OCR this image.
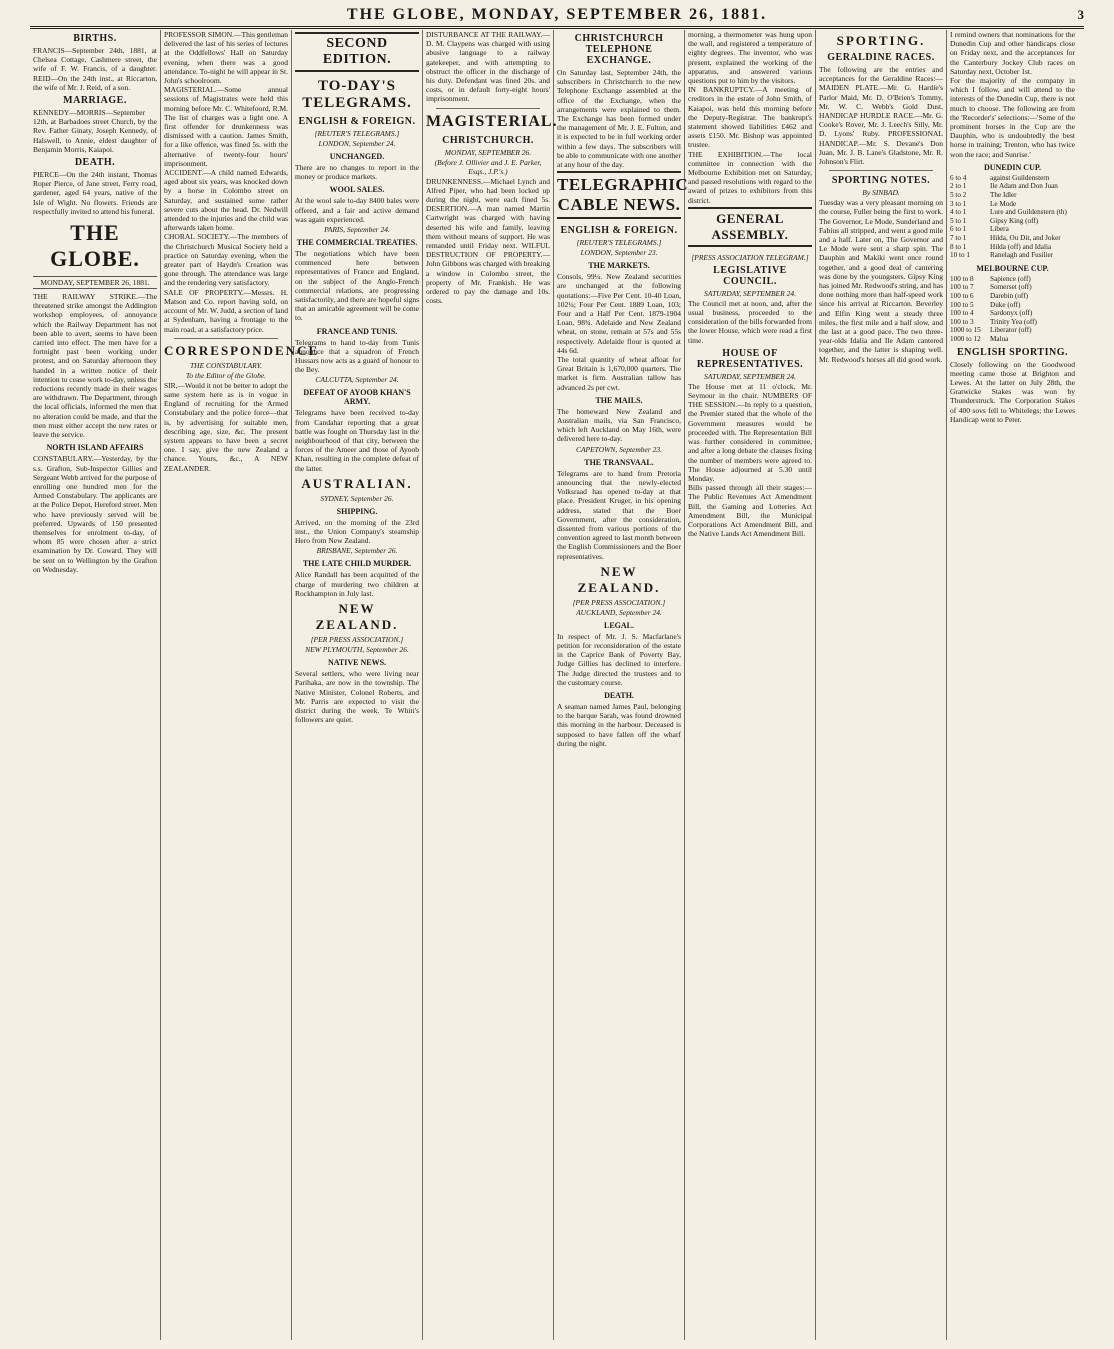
THE GLOBE, MONDAY, SEPTEMBER 26, 1881.	3
BIRTHS.

FRANCIS—September 24th, 1881, at Chelsea Cottage, Cashmere street, the wife of F. W. Francis, of a daughter. REID—On the 24th inst., at Riccarton, the wife of Mr. J. Reid, of a son.

MARRIAGE.

KENNEDY—MORRIS—September 12th, at Barbadoes street Church, by the Rev. Father Ginaty, Joseph Kennedy, of Halswell, to Annie, eldest daughter of Benjamin Morris, Kaiapoi.

DEATH.

PIERCE—On the 24th instant, Thomas Roper Pierce, of Jane street, Ferry road, gardener, aged 64 years, native of the Isle of Wight. No flowers. Friends are respectfully invited to attend his funeral.

THE GLOBE.
MONDAY, SEPTEMBER 26, 1881.

THE RAILWAY STRIKE.—The threatened strike amongst the Addington workshop employees, of annoyance which the Railway Department has not been able to avert, seems to have been carried into effect. The men have for a fortnight past been working under protest, and on Saturday afternoon they handed in a written notice of their intention to cease work to-day, unless the reductions recently made in their wages are withdrawn. The Department, through the local officials, informed the men that no alteration could be made, and that the men must either accept the new rates or leave the service.

NORTH ISLAND AFFAIRS

CONSTABULARY.—Yesterday, by the s.s. Grafton, Sub-Inspector Gillies and Sergeant Webb arrived for the purpose of enrolling one hundred men for the Armed Constabulary. The applicants are at the Police Depot, Hereford street. Men who have previously served will be preferred. Upwards of 150 presented themselves for enrolment to-day, of whom 85 were chosen after a strict examination by Dr. Coward. They will be sent on to Wellington by the Grafton on Wednesday.

PROFESSOR SIMON.—This gentleman delivered the last of his series of lectures at the Oddfellows' Hall on Saturday evening, when there was a good attendance. To-night he will appear in St. John's schoolroom.

MAGISTERIAL.—Some annual sessions of Magistrates were held this morning before Mr. C. Whitefoord, R.M. The list of charges was a light one. A first offender for drunkenness was dismissed with a caution. James Smith, for a like offence, was fined 5s. with the alternative of twenty-four hours' imprisonment.

ACCIDENT.—A child named Edwards, aged about six years, was knocked down by a horse in Colombo street on Saturday, and sustained some rather severe cuts about the head. Dr. Nedwill attended to the injuries and the child was afterwards taken home.

CHORAL SOCIETY.—The members of the Christchurch Musical Society held a practice on Saturday evening, when the greater part of Haydn's Creation was gone through. The attendance was large and the rendering very satisfactory.

SALE OF PROPERTY.—Messrs. H. Matson and Co. report having sold, on account of Mr. W. Judd, a section of land at Sydenham, having a frontage to the main road, at a satisfactory price.

CORRESPONDENCE
THE CONSTABULARY.
To the Editor of the Globe.

SIR,—Would it not be better to adopt the same system here as is in vogue in England of recruiting for the Armed Constabulary and the police force—that is, by advertising for suitable men, describing age, size, &c. The present system appears to have been a secret one. I say, give the new Zealand a chance. Yours, &c., A NEW ZEALANDER.

SECOND EDITION.
TO-DAY'S TELEGRAMS.
ENGLISH & FOREIGN.
[REUTER'S TELEGRAMS.]
LONDON, September 24.
UNCHANGED.

There are no changes to report in the money or produce markets.

WOOL SALES.

At the wool sale to-day 8400 bales were offered, and a fair and active demand was again experienced.

PARIS, September 24.
THE COMMERCIAL TREATIES.

The negotiations which have been commenced here between representatives of France and England, on the subject of the Anglo-French commercial relations, are progressing satisfactorily, and there are hopeful signs that an amicable agreement will be come to.

FRANCE AND TUNIS.

Telegrams to hand to-day from Tunis announce that a squadron of French Hussars now acts as a guard of honour to the Bey.

CALCUTTA, September 24.
DEFEAT OF AYOOB KHAN'S ARMY.

Telegrams have been received to-day from Candahar reporting that a great battle was fought on Thursday last in the neighbourhood of that city, between the forces of the Ameer and those of Ayoob Khan, resulting in the complete defeat of the latter.

AUSTRALIAN.
SYDNEY, September 26.
SHIPPING.

Arrived, on the morning of the 23rd inst., the Union Company's steamship Hero from New Zealand.

BRISBANE, September 26.
THE LATE CHILD MURDER.

Alice Randall has been acquitted of the charge of murdering two children at Rockhampton in July last.

NEW ZEALAND.
[PER PRESS ASSOCIATION.]
NEW PLYMOUTH, September 26.
NATIVE NEWS.

Several settlers, who were living near Parihaka, are now in the township. The Native Minister, Colonel Roberts, and Mr. Parris are expected to visit the district during the week. Te Whiti's followers are quiet.

DISTURBANCE AT THE RAILWAY.—D. M. Claypens was charged with using abusive language to a railway gatekeeper, and with attempting to obstruct the officer in the discharge of his duty. Defendant was fined 20s. and costs, or in default forty-eight hours' imprisonment.

MAGISTERIAL.
CHRISTCHURCH.
MONDAY, SEPTEMBER 26.
(Before J. Ollivier and J. E. Parker, Esqs., J.P.'s.)

DRUNKENNESS.—Michael Lynch and Alfred Piper, who had been locked up during the night, were each fined 5s. DESERTION.—A man named Martin Cartwright was charged with having deserted his wife and family, leaving them without means of support. He was remanded until Friday next. WILFUL DESTRUCTION OF PROPERTY.—John Gibbons was charged with breaking a window in Colombo street, the property of Mr. Frankish. He was ordered to pay the damage and 10s. costs.

CHRISTCHURCH TELEPHONE EXCHANGE.

On Saturday last, September 24th, the subscribers in Christchurch to the new Telephone Exchange assembled at the office of the Exchange, when the arrangements were explained to them. The Exchange has been formed under the management of Mr. J. E. Fulton, and it is expected to be in full working order within a few days. The subscribers will be able to communicate with one another at any hour of the day.

TELEGRAPHIC CABLE NEWS.
ENGLISH & FOREIGN.
[REUTER'S TELEGRAMS.]
LONDON, September 23.
THE MARKETS.

Consols, 99¼. New Zealand securities are unchanged at the following quotations:—Five Per Cent. 10-40 Loan, 102¼; Four Per Cent. 1889 Loan, 103; Four and a Half Per Cent. 1879-1904 Loan, 98¾. Adelaide and New Zealand wheat, on stone, remain at 57s and 55s respectively. Adelaide flour is quoted at 44s 6d.

The total quantity of wheat afloat for Great Britain is 1,670,000 quarters. The market is firm. Australian tallow has advanced 2s per cwt.

THE MAILS.

The homeward New Zealand and Australian mails, via San Francisco, which left Auckland on May 16th, were delivered here to-day.

CAPETOWN, September 23.
THE TRANSVAAL.

Telegrams are to hand from Pretoria announcing that the newly-elected Volksraad has opened to-day at that place. President Kruger, in his opening address, stated that the Boer Government, after the consideration, dissented from various portions of the convention agreed to last month between the English Commissioners and the Boer representatives.

NEW ZEALAND.
[PER PRESS ASSOCIATION.]
AUCKLAND, September 24.
LEGAL.

In respect of Mr. J. S. Macfarlane's petition for reconsideration of the estate in the Caprice Bank of Poverty Bay, Judge Gillies has declined to interfere. The Judge directed the trustees and to the customary course.

DEATH.

A seaman named James Paul, belonging to the barque Sarah, was found drowned this morning in the harbour. Deceased is supposed to have fallen off the wharf during the night.

morning, a thermometer was hung upon the wall, and registered a temperature of eighty degrees. The inventor, who was present, explained the working of the apparatus, and answered various questions put to him by the visitors.

IN BANKRUPTCY.—A meeting of creditors in the estate of John Smith, of Kaiapoi, was held this morning before the Deputy-Registrar. The bankrupt's statement showed liabilities £462 and assets £150. Mr. Bishop was appointed trustee.

THE EXHIBITION.—The local committee in connection with the Melbourne Exhibition met on Saturday, and passed resolutions with regard to the award of prizes to exhibitors from this district.

GENERAL ASSEMBLY.
[PRESS ASSOCIATION TELEGRAM.]
LEGISLATIVE COUNCIL.
SATURDAY, SEPTEMBER 24.

The Council met at noon, and, after the usual business, proceeded to the consideration of the bills forwarded from the lower House, which were read a first time.

HOUSE OF REPRESENTATIVES.
SATURDAY, SEPTEMBER 24.

The House met at 11 o'clock, Mr. Seymour in the chair. NUMBERS OF THE SESSION.—In reply to a question, the Premier stated that the whole of the Government measures would be proceeded with. The Representation Bill was further considered in committee, and after a long debate the clauses fixing the number of members were agreed to. The House adjourned at 5.30 until Monday.

Bills passed through all their stages:—The Public Revenues Act Amendment Bill, the Gaming and Lotteries Act Amendment Bill, the Municipal Corporations Act Amendment Bill, and the Native Lands Act Amendment Bill.

SPORTING.
GERALDINE RACES.

The following are the entries and acceptances for the Geraldine Races:—MAIDEN PLATE.—Mr. G. Hardie's Parlor Maid, Mr. D. O'Brien's Tommy, Mr. W. C. Webb's Gold Dust. HANDICAP HURDLE RACE.—Mr. G. Cooke's Rover, Mr. J. Leech's Silly, Mr. D. Lyons' Ruby. PROFESSIONAL HANDICAP.—Mr. S. Devane's Don Juan, Mr. J. B. Lane's Gladstone, Mr. R. Johnson's Flirt.

SPORTING NOTES.
By SINBAD.

Tuesday was a very pleasant morning on the course, Fuller being the first to work. The Governor, Le Mode, Sunderland and Fabius all stripped, and went a good mile and a half. Later on, The Governor and Le Mode were sent a sharp spin. The Dauphin and Makiki went once round together, and a good deal of cantering was done by the youngsters. Gipsy King has joined Mr. Redwood's string, and has done nothing more than half-speed work since his arrival at Riccarton. Beverley and Elfin King went a steady three miles, the first mile and a half slow, and the last at a good pace. The two three-year-olds Idalia and Ile Adam cantered together, and the latter is shaping well. Mr. Redwood's horses all did good work.

I remind owners that nominations for the Dunedin Cup and other handicaps close on Friday next, and the acceptances for the Canterbury Jockey Club races on Saturday next, October 1st.

For the majority of the company in which I follow, and will attend to the interests of the Dunedin Cup, there is not much to choose. The following are from the 'Recorder's' selections:—'Some of the prominent horses in the Cup are the Dauphin, who is undoubtedly the best horse in training; Trenton, who has twice won the race; and Sunrise.'

DUNEDIN CUP.
6 to 4	against Guildenstern
2 to 1	Ile Adam and Don Juan
5 to 2	The Idler
3 to 1	Le Mode
4 to 1	Lure and Guildenstern (th)
5 to 1	Gipsy King (off)
6 to 1	Libera
7 to 1	Hilda, Ou Dit, and Joker
8 to 1	Hilda (off) and Idalia
10 to 1	Ranelagh and Fusilier
MELBOURNE CUP.
100 to 8	Sapience (off)
100 to 7	Somerset (off)
100 to 6	Darebin (off)
100 to 5	Duke (off)
100 to 4	Sardonyx (off)
100 to 3	Trinity Yea (off)
1000 to 15	Liberator (off)
1000 to 12	Malua
ENGLISH SPORTING.

Closely following on the Goodwood meeting came those at Brighton and Lewes. At the latter on July 28th, the Gratwicke Stakes was won by Thunderstruck. The Corporation Stakes of 400 sovs fell to Whitelegs; the Lewes Handicap went to Peter.
